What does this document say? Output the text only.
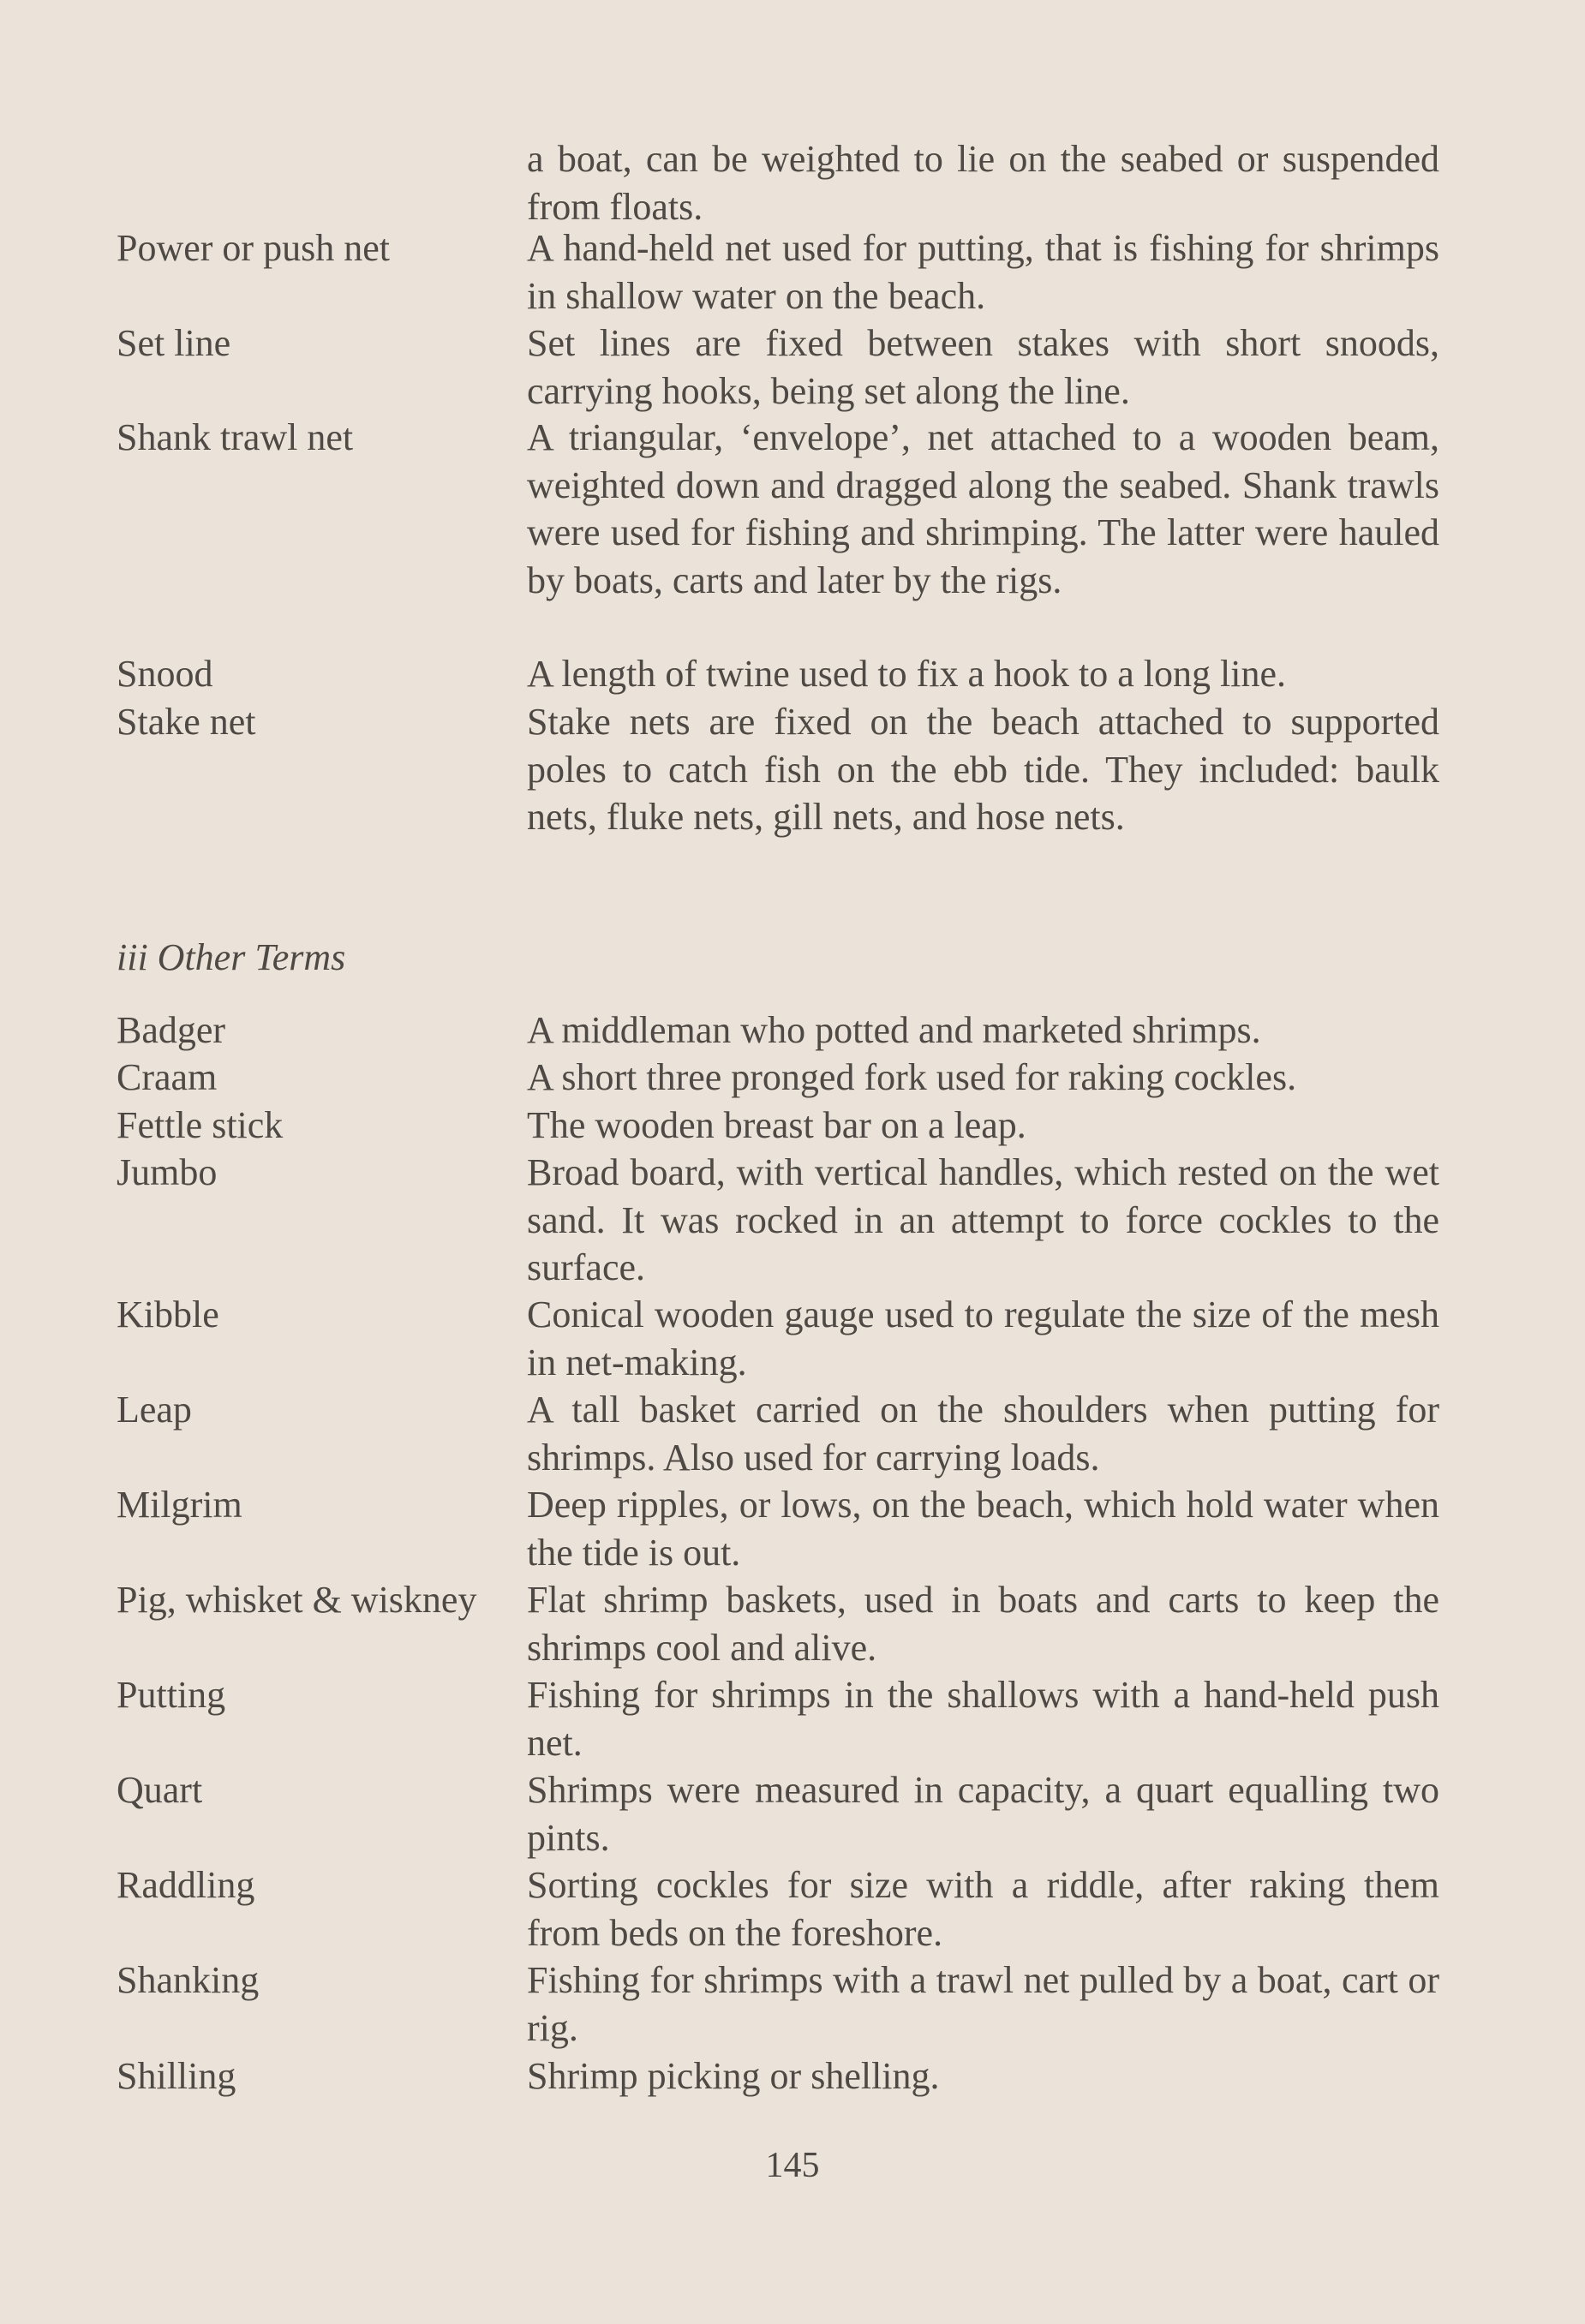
a boat, can be weighted to lie on the seabed or suspended from floats.
Power or push net	A hand-held net used for putting, that is fishing for shrimps in shallow water on the beach.
Set line	Set lines are fixed between stakes with short snoods, carrying hooks, being set along the line.
Shank trawl net	A triangular, ‘envelope’, net attached to a wooden beam, weighted down and dragged along the seabed. Shank trawls were used for fishing and shrimping. The latter were hauled by boats, carts and later by the rigs.
Snood	A length of twine used to fix a hook to a long line.
Stake net	Stake nets are fixed on the beach attached to supported poles to catch fish on the ebb tide. They included: baulk nets, fluke nets, gill nets, and hose nets.
iii Other Terms
Badger	A middleman who potted and marketed shrimps.
Craam	A short three pronged fork used for raking cockles.
Fettle stick	The wooden breast bar on a leap.
Jumbo	Broad board, with vertical handles, which rested on the wet sand. It was rocked in an attempt to force cockles to the surface.
Kibble	Conical wooden gauge used to regulate the size of the mesh in net-making.
Leap	A tall basket carried on the shoulders when putting for shrimps. Also used for carrying loads.
Milgrim	Deep ripples, or lows, on the beach, which hold water when the tide is out.
Pig, whisket & wiskney	Flat shrimp baskets, used in boats and carts to keep the shrimps cool and alive.
Putting	Fishing for shrimps in the shallows with a hand-held push net.
Quart	Shrimps were measured in capacity, a quart equalling two pints.
Raddling	Sorting cockles for size with a riddle, after raking them from beds on the foreshore.
Shanking	Fishing for shrimps with a trawl net pulled by a boat, cart or rig.
Shilling	Shrimp picking or shelling.
145
